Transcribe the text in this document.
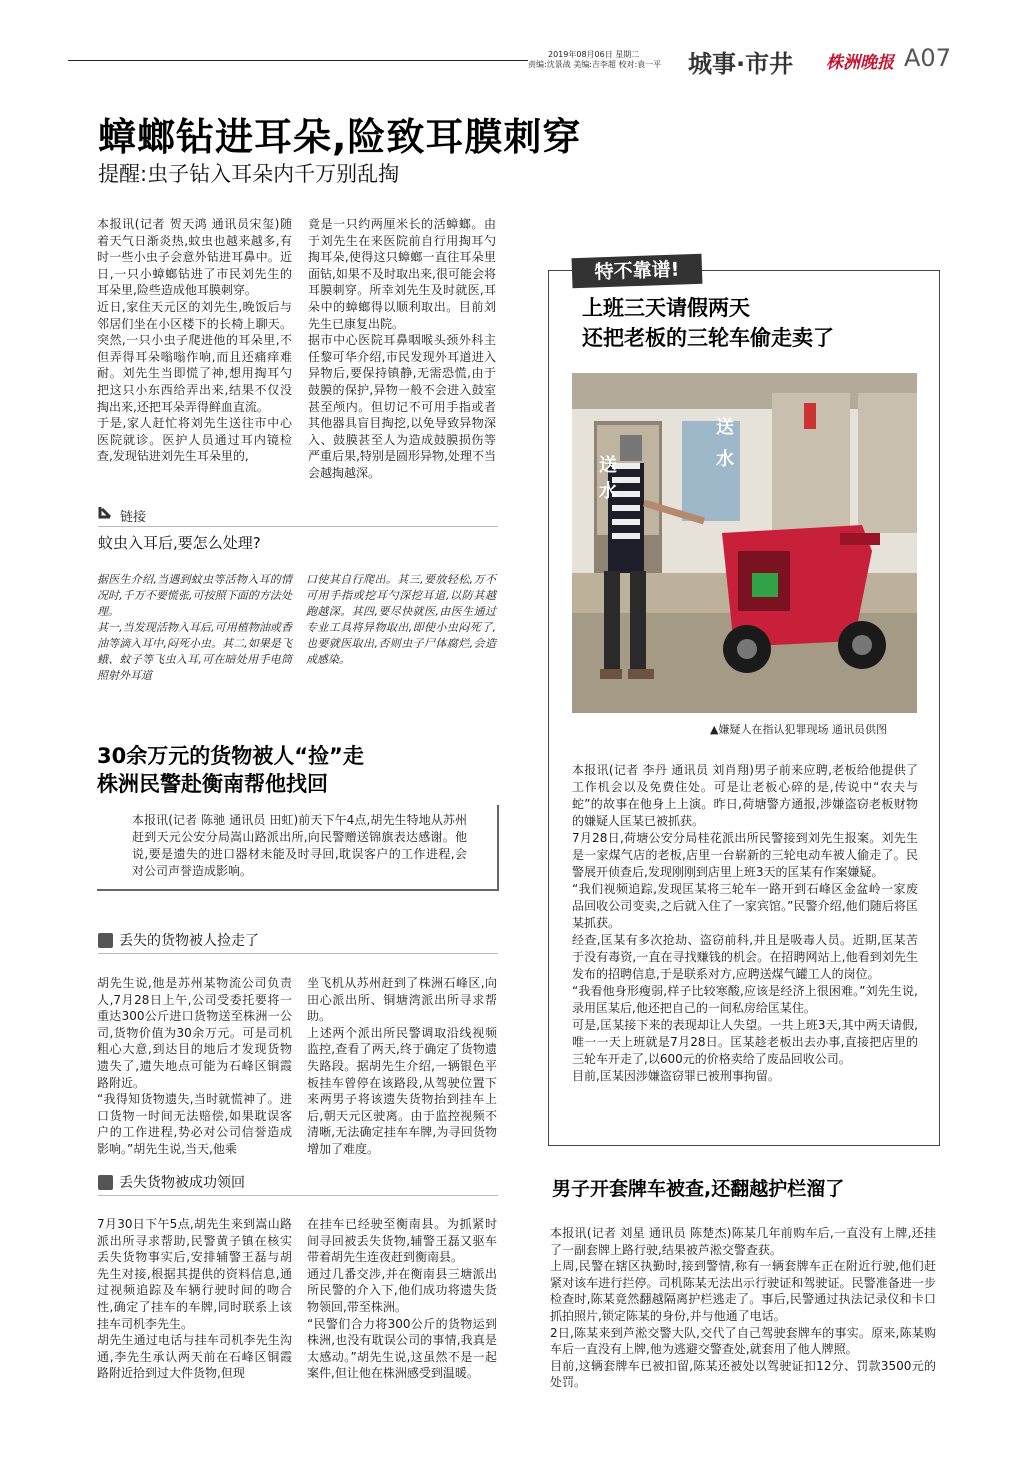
2019年08月06日 星期二
责编:沈景战 美编:吉李超 校对:袁一平 城事·市井 株洲晚报 A07
蟑螂钻进耳朵,险致耳膜刺穿
提醒:虫子钻入耳朵内千万别乱掏
本报讯(记者 贺天鸿 通讯员宋玺)随着天气日渐炎热,蚊虫也越来越多,有时一些小虫子会意外钻进耳鼻中。近日,一只小蟑螂钻进了市民刘先生的耳朵里,险些造成他耳膜刺穿。
近日,家住天元区的刘先生,晚饭后与邻居们坐在小区楼下的长椅上聊天。突然,一只小虫子爬进他的耳朵里,不但弄得耳朵嗡嗡作响,而且还痛痒难耐。刘先生当即慌了神,想用掏耳勺把这只小东西给弄出来,结果不仅没掏出来,还把耳朵弄得鲜血直流。
于是,家人赶忙将刘先生送往市中心医院就诊。医护人员通过耳内镜检查,发现钻进刘先生耳朵里的,
竟是一只约两厘米长的活蟑螂。由于刘先生在来医院前自行用掏耳勺掏耳朵,使得这只蟑螂一直往耳朵里面钻,如果不及时取出来,很可能会将耳膜刺穿。所幸刘先生及时就医,耳朵中的蟑螂得以顺利取出。目前刘先生已康复出院。
据市中心医院耳鼻咽喉头颈外科主任黎可华介绍,市民发现外耳道进入异物后,要保持镇静,无需恐慌,由于鼓膜的保护,异物一般不会进入鼓室甚至颅内。但切记不可用手指或者其他器具盲目掏挖,以免导致异物深入、鼓膜甚至人为造成鼓膜损伤等严重后果,特别是圆形异物,处理不当会越掏越深。
链接
蚊虫入耳后,要怎么处理?
据医生介绍,当遇到蚊虫等活物入耳的情况时,千万不要慌张,可按照下面的方法处理。
其一,当发现活物入耳后,可用植物油或香油等滴入耳中,闷死小虫。其二,如果是飞蛾、蚊子等飞虫入耳,可在暗处用手电筒照射外耳道
口使其自行爬出。其三,要放轻松,万不可用手指或挖耳勺深挖耳道,以防其越跑越深。其四,要尽快就医,由医生通过专业工具将异物取出,即使小虫闷死了,也要就医取出,否则虫子尸体腐烂,会造成感染。
30余万元的货物被人“捡”走
株洲民警赴衡南帮他找回
本报讯(记者 陈驰 通讯员 田虹)前天下午4点,胡先生特地从苏州赶到天元公安分局嵩山路派出所,向民警赠送锦旗表达感谢。他说,要是遗失的进口器材未能及时寻回,耽误客户的工作进程,会对公司声誉造成影响。
丢失的货物被人捡走了
胡先生说,他是苏州某物流公司负责人,7月28日上午,公司受委托要将一重达300公斤进口货物送至株洲一公司,货物价值为30余万元。可是司机粗心大意,到达目的地后才发现货物遗失了,遗失地点可能为石峰区铜霞路附近。
“我得知货物遗失,当时就慌神了。进口货物一时间无法赔偿,如果耽误客户的工作进程,势必对公司信誉造成影响。”胡先生说,当天,他乘
坐飞机从苏州赶到了株洲石峰区,向田心派出所、铜塘湾派出所寻求帮助。
上述两个派出所民警调取沿线视频监控,查看了两天,终于确定了货物遗失路段。据胡先生介绍,一辆银色平板挂车曾停在该路段,从驾驶位置下来两男子将该遗失货物抬到挂车上后,朝天元区驶离。由于监控视频不清晰,无法确定挂车车牌,为寻回货物增加了难度。
丢失货物被成功领回
7月30日下午5点,胡先生来到嵩山路派出所寻求帮助,民警黄子镇在核实丢失货物事实后,安排辅警王磊与胡先生对接,根据其提供的资料信息,通过视频追踪及车辆行驶时间的吻合性,确定了挂车的车牌,同时联系上该挂车司机李先生。
胡先生通过电话与挂车司机李先生沟通,李先生承认两天前在石峰区铜霞路附近拾到过大件货物,但现
在挂车已经驶至衡南县。为抓紧时间寻回被丢失货物,辅警王磊又驱车带着胡先生连夜赶到衡南县。
通过几番交涉,并在衡南县三塘派出所民警的介入下,他们成功将遗失货物领回,带至株洲。
“民警们合力将300公斤的货物运到株洲,也没有耽误公司的事情,我真是太感动。”胡先生说,这虽然不是一起案件,但让他在株洲感受到温暖。
特不靠谱!
上班三天请假两天
还把老板的三轮车偷走卖了
送
水
送
水
▲嫌疑人在指认犯罪现场 通讯员供图
本报讯(记者 李丹 通讯员 刘肖翔)男子前来应聘,老板给他提供了工作机会以及免费住处。可是让老板心碎的是,传说中“农夫与蛇”的故事在他身上上演。昨日,荷塘警方通报,涉嫌盗窃老板财物的嫌疑人匡某已被抓获。
7月28日,荷塘公安分局桂花派出所民警接到刘先生报案。刘先生是一家煤气店的老板,店里一台崭新的三轮电动车被人偷走了。民警展开侦查后,发现刚刚到店里上班3天的匡某有作案嫌疑。
“我们视频追踪,发现匡某将三轮车一路开到石峰区金盆岭一家废品回收公司变卖,之后就入住了一家宾馆。”民警介绍,他们随后将匡某抓获。
经查,匡某有多次抢劫、盗窃前科,并且是吸毒人员。近期,匡某苦于没有毒资,一直在寻找赚钱的机会。在招聘网站上,他看到刘先生发布的招聘信息,于是联系对方,应聘送煤气罐工人的岗位。
“我看他身形瘦弱,样子比较寒酸,应该是经济上很困难。”刘先生说,录用匡某后,他还把自己的一间私房给匡某住。
可是,匡某接下来的表现却让人失望。一共上班3天,其中两天请假,唯一一天上班就是7月28日。匡某趁老板出去办事,直接把店里的三轮车开走了,以600元的价格卖给了废品回收公司。
目前,匡某因涉嫌盗窃罪已被刑事拘留。
男子开套牌车被查,还翻越护栏溜了
本报讯(记者 刘星 通讯员 陈楚杰)陈某几年前购车后,一直没有上牌,还挂了一副套牌上路行驶,结果被芦淞交警查获。
上周,民警在辖区执勤时,接到警情,称有一辆套牌车正在附近行驶,他们赶紧对该车进行拦停。司机陈某无法出示行驶证和驾驶证。民警准备进一步检查时,陈某竟然翻越隔离护栏逃走了。事后,民警通过执法记录仪和卡口抓拍照片,锁定陈某的身份,并与他通了电话。
2日,陈某来到芦淞交警大队,交代了自己驾驶套牌车的事实。原来,陈某购车后一直没有上牌,他为逃避交警查处,就套用了他人牌照。
目前,这辆套牌车已被扣留,陈某还被处以驾驶证扣12分、罚款3500元的处罚。
